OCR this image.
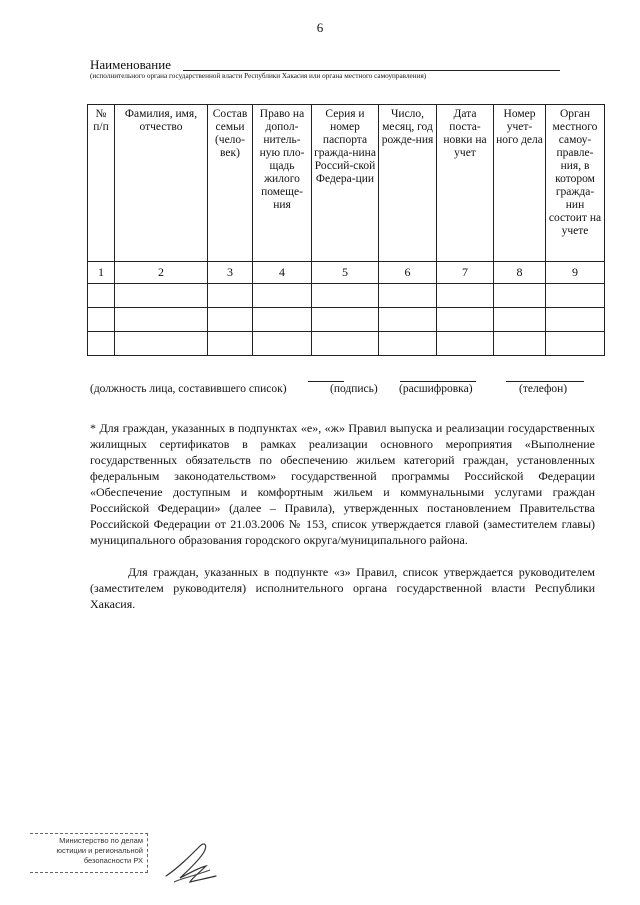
6
Наименование
(исполнительного органа государственной власти Республики Хакасия или органа местного самоуправления)
№ п/п	Фамилия, имя, отчество	Состав семьи (чело-век)	Право на допол-нитель-ную пло-щадь жилого помеще-ния	Серия и номер паспорта гражда-нина Россий-ской Федера-ции	Число, месяц, год рожде-ния	Дата поста-новки на учет	Номер учет-ного дела	Орган местного самоу-правле-ния, в котором гражда-нин состоит на учете
1	2	3	4	5	6	7	8	9

(должность лица, составившего список)	(подпись) (расшифровка)	(телефон)

* Для граждан, указанных в подпунктах «е», «ж» Правил выпуска и реализации государственных жилищных сертификатов в рамках реализации основного мероприятия «Выполнение государственных обязательств по обеспечению жильем категорий граждан, установленных федеральным законодательством» государственной программы Российской Федерации «Обеспечение доступным и комфортным жильем и коммунальными услугами граждан Российской Федерации» (далее – Правила), утвержденных постановлением Правительства Российской Федерации от 21.03.2006 № 153, список утверждается главой (заместителем главы) муниципального образования городского округа/муниципального района.

Для граждан, указанных в подпункте «з» Правил, список утверждается руководителем (заместителем руководителя) исполнительного органа государственной власти Республики Хакасия.

Министерство по делам
юстиции и региональной
безопасности РХ
